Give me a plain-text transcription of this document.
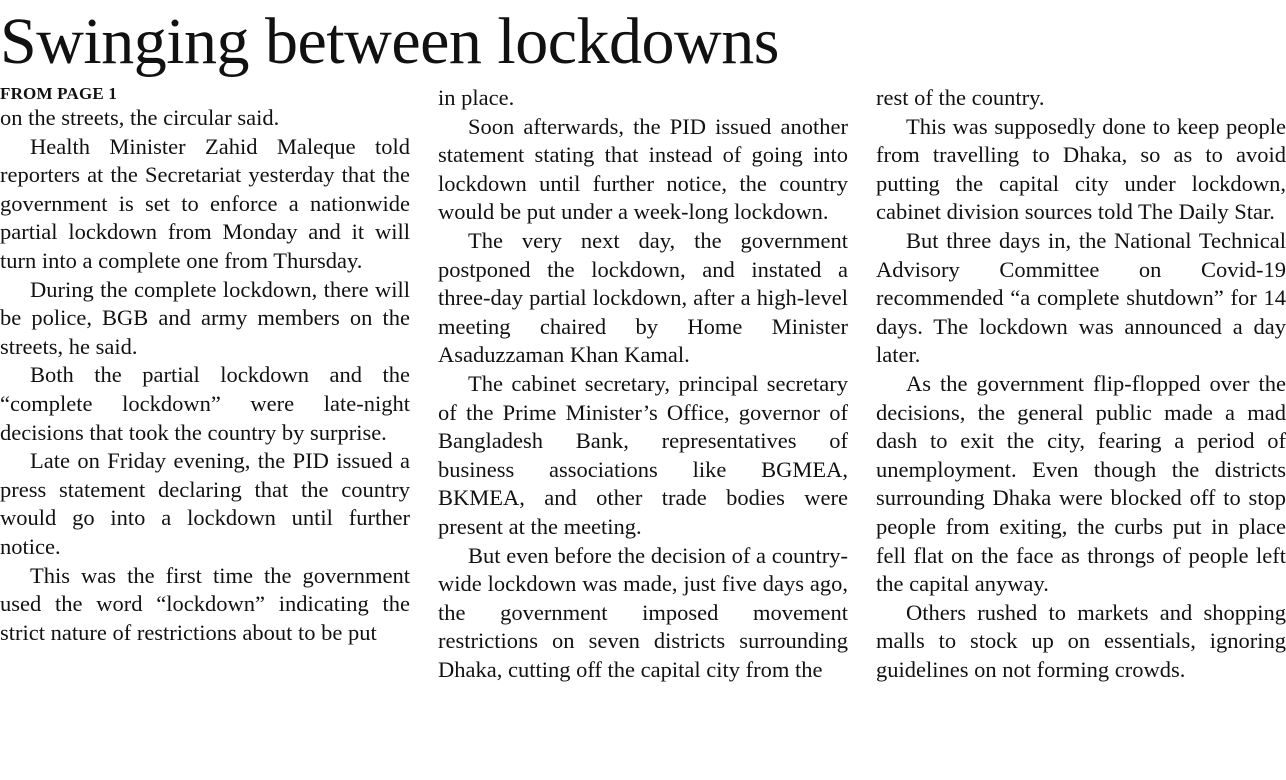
Swinging between lockdowns
FROM PAGE 1

on the streets, the circular said.

Health Minister Zahid Maleque told reporters at the Secretariat yesterday that the government is set to enforce a nationwide partial lockdown from Monday and it will turn into a complete one from Thursday.

During the complete lockdown, there will be police, BGB and army members on the streets, he said.

Both the partial lockdown and the “complete lockdown” were late-night decisions that took the country by surprise.

Late on Friday evening, the PID issued a press statement declaring that the country would go into a lockdown until further notice.

This was the first time the government used the word “lockdown” indicating the strict nature of restrictions about to be put

in place.

Soon afterwards, the PID issued another statement stating that instead of going into lockdown until further notice, the country would be put under a week-long lockdown.

The very next day, the government postponed the lockdown, and instated a three-day partial lockdown, after a high-level meeting chaired by Home Minister Asaduzzaman Khan Kamal.

The cabinet secretary, principal secretary of the Prime Minister’s Office, governor of Bangladesh Bank, representatives of business associations like BGMEA, BKMEA, and other trade bodies were present at the meeting.

But even before the decision of a country-wide lockdown was made, just five days ago, the government imposed movement restrictions on seven districts surrounding Dhaka, cutting off the capital city from the

rest of the country.

This was supposedly done to keep people from travelling to Dhaka, so as to avoid putting the capital city under lockdown, cabinet division sources told The Daily Star.

But three days in, the National Technical Advisory Committee on Covid-19 recommended “a complete shutdown” for 14 days. The lockdown was announced a day later.

As the government flip-flopped over the decisions, the general public made a mad dash to exit the city, fearing a period of unemployment. Even though the districts surrounding Dhaka were blocked off to stop people from exiting, the curbs put in place fell flat on the face as throngs of people left the capital anyway.

Others rushed to markets and shopping malls to stock up on essentials, ignoring guidelines on not forming crowds.
